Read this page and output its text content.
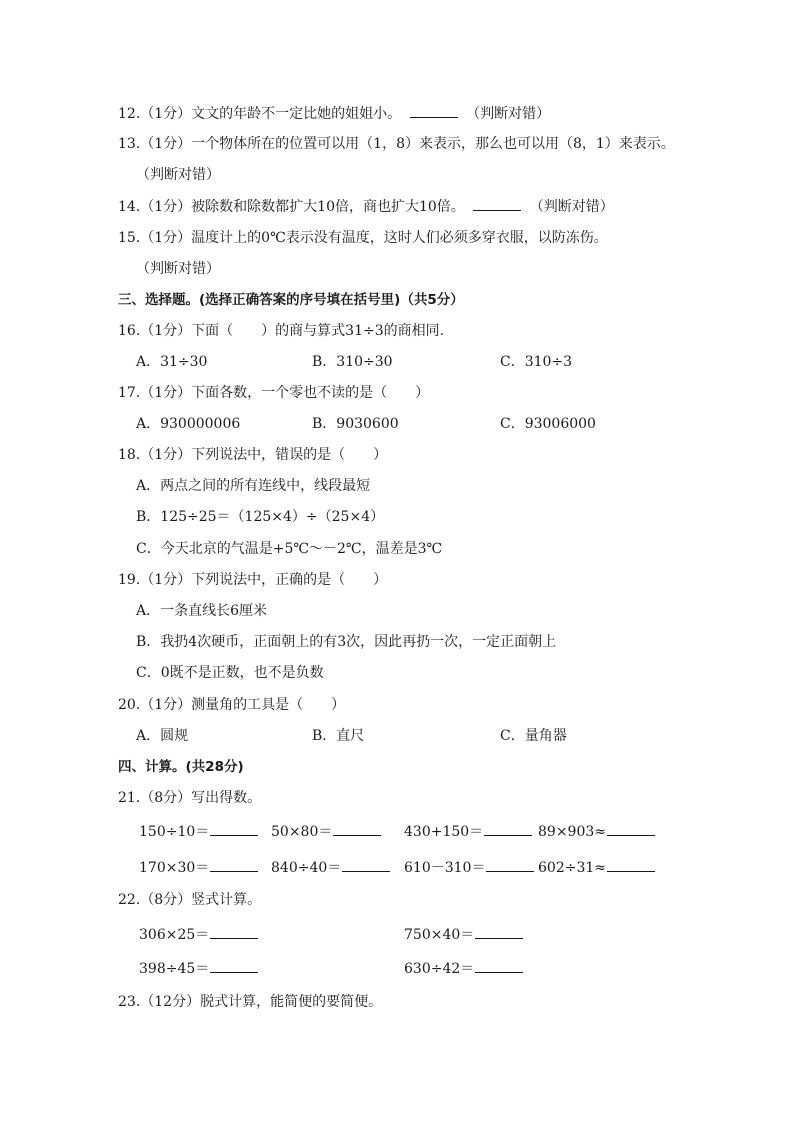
12.（1分）文文的年龄不一定比她的姐姐小。	（判断对错）
13.（1分）一个物体所在的位置可以用（1，8）来表示，那么也可以用（8，1）来表示。
（判断对错）
14.（1分）被除数和除数都扩大10倍，商也扩大10倍。	（判断对错）
15.（1分）温度计上的0℃表示没有温度，这时人们必须多穿衣服，以防冻伤。
（判断对错）
三、选择题。(选择正确答案的序号填在括号里)（共5分）
16.（1分）下面（　　）的商与算式31÷3的商相同.
A．31÷30	B．310÷30	C．310÷3
17.（1分）下面各数，一个零也不读的是（　　）
A．930000006	B．9030600	C．93006000
18.（1分）下列说法中，错误的是（　　）
A．两点之间的所有连线中，线段最短
B．125÷25＝（125×4）÷（25×4）
C．今天北京的气温是+5℃～－2℃，温差是3℃
19.（1分）下列说法中，正确的是（　　）
A．一条直线长6厘米
B．我扔4次硬币，正面朝上的有3次，因此再扔一次，一定正面朝上
C．0既不是正数，也不是负数
20.（1分）测量角的工具是（　　）
A．圆规	B．直尺	C．量角器
四、计算。(共28分)
21.（8分）写出得数。
150÷10＝	50×80＝	430+150＝	89×903≈
170×30＝	840÷40＝	610－310＝	602÷31≈
22.（8分）竖式计算。
306×25＝	750×40＝
398÷45＝	630÷42＝
23.（12分）脱式计算，能简便的要简便。
